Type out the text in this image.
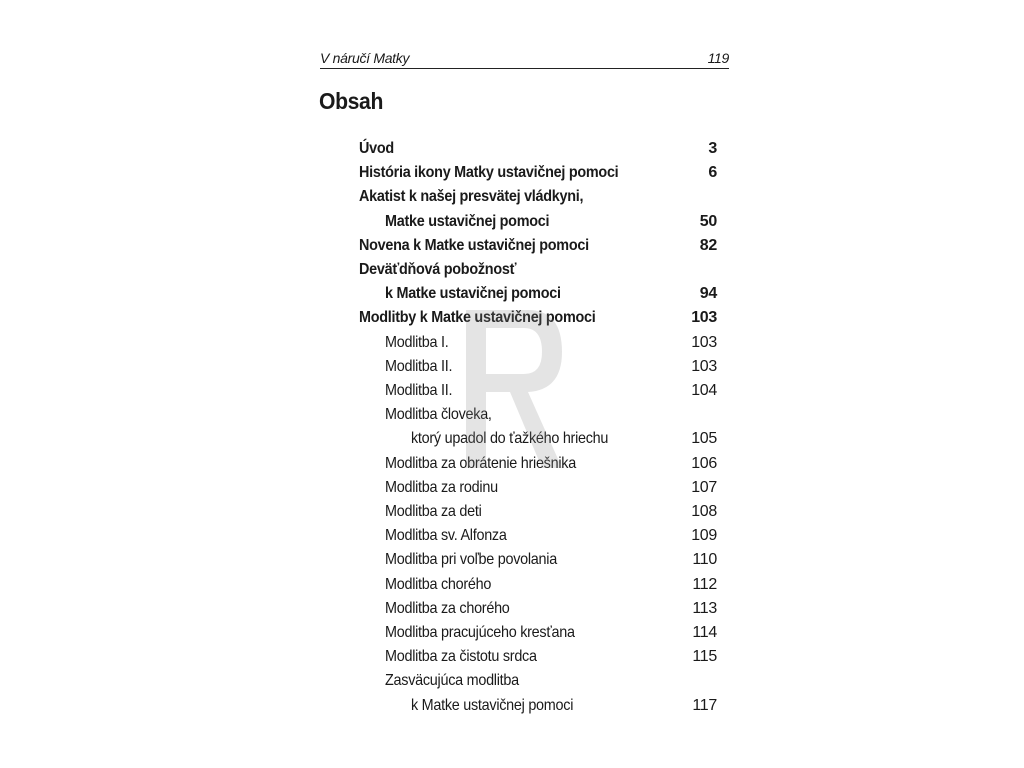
V náručí Matky	119
Obsah
Úvod	3
História ikony Matky ustavičnej pomoci	6
Akatist k našej presvätej vládkyni,
Matke ustavičnej pomoci	50
Novena k Matke ustavičnej pomoci	82
Deväťdňová pobožnosť
k Matke ustavičnej pomoci	94
Modlitby k Matke ustavičnej pomoci	103
Modlitba I.	103
Modlitba II.	103
Modlitba II.	104
Modlitba človeka,
ktorý upadol do ťažkého hriechu	105
Modlitba za obrátenie hriešnika	106
Modlitba za rodinu	107
Modlitba za deti	108
Modlitba sv. Alfonza	109
Modlitba pri voľbe povolania	110
Modlitba chorého	112
Modlitba za chorého	113
Modlitba pracujúceho kresťana	114
Modlitba za čistotu srdca	115
Zasväcujúca modlitba
k Matke ustavičnej pomoci	117
